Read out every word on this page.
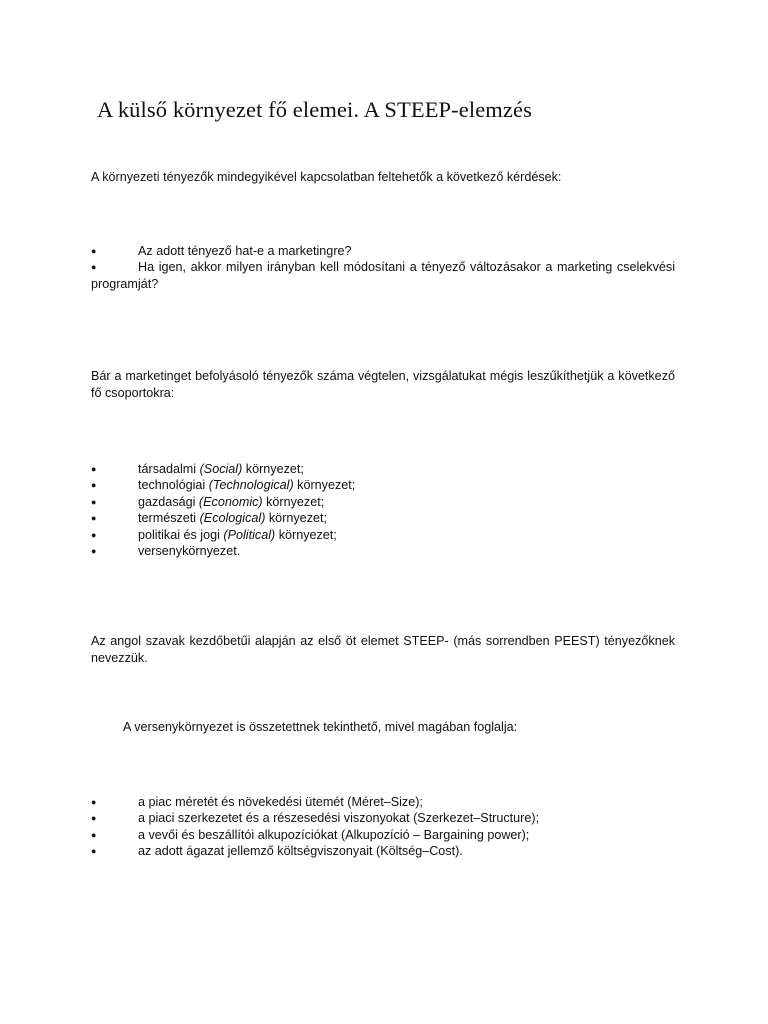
A külső környezet fő elemei. A STEEP-elemzés

A környezeti tényezők mindegyikével kapcsolatban feltehetők a következő kérdések:

●	Az adott tényező hat-e a marketingre?
●	Ha igen, akkor milyen irányban kell módosítani a tényező változásakor a marketing cselekvési programját?

Bár a marketinget befolyásoló tényezők száma végtelen, vizsgálatukat mégis leszűkíthetjük a következő fő csoportokra:

●	társadalmi (Social) környezet;
●	technológiai (Technological) környezet;
●	gazdasági (Economic) környezet;
●	természeti (Ecological) környezet;
●	politikai és jogi (Political) környezet;
●	versenykörnyezet.

Az angol szavak kezdőbetűi alapján az első öt elemet STEEP- (más sorrendben PEEST) tényezőknek nevezzük.

A versenykörnyezet is összetettnek tekinthető, mivel magában foglalja:

●	a piac méretét és növekedési ütemét (Méret–Size);
●	a piaci szerkezetet és a részesedési viszonyokat (Szerkezet–Structure);
●	a vevői és beszállítói alkupozíciókat (Alkupozíció – Bargaining power);
●	az adott ágazat jellemző költségviszonyait (Költség–Cost).
